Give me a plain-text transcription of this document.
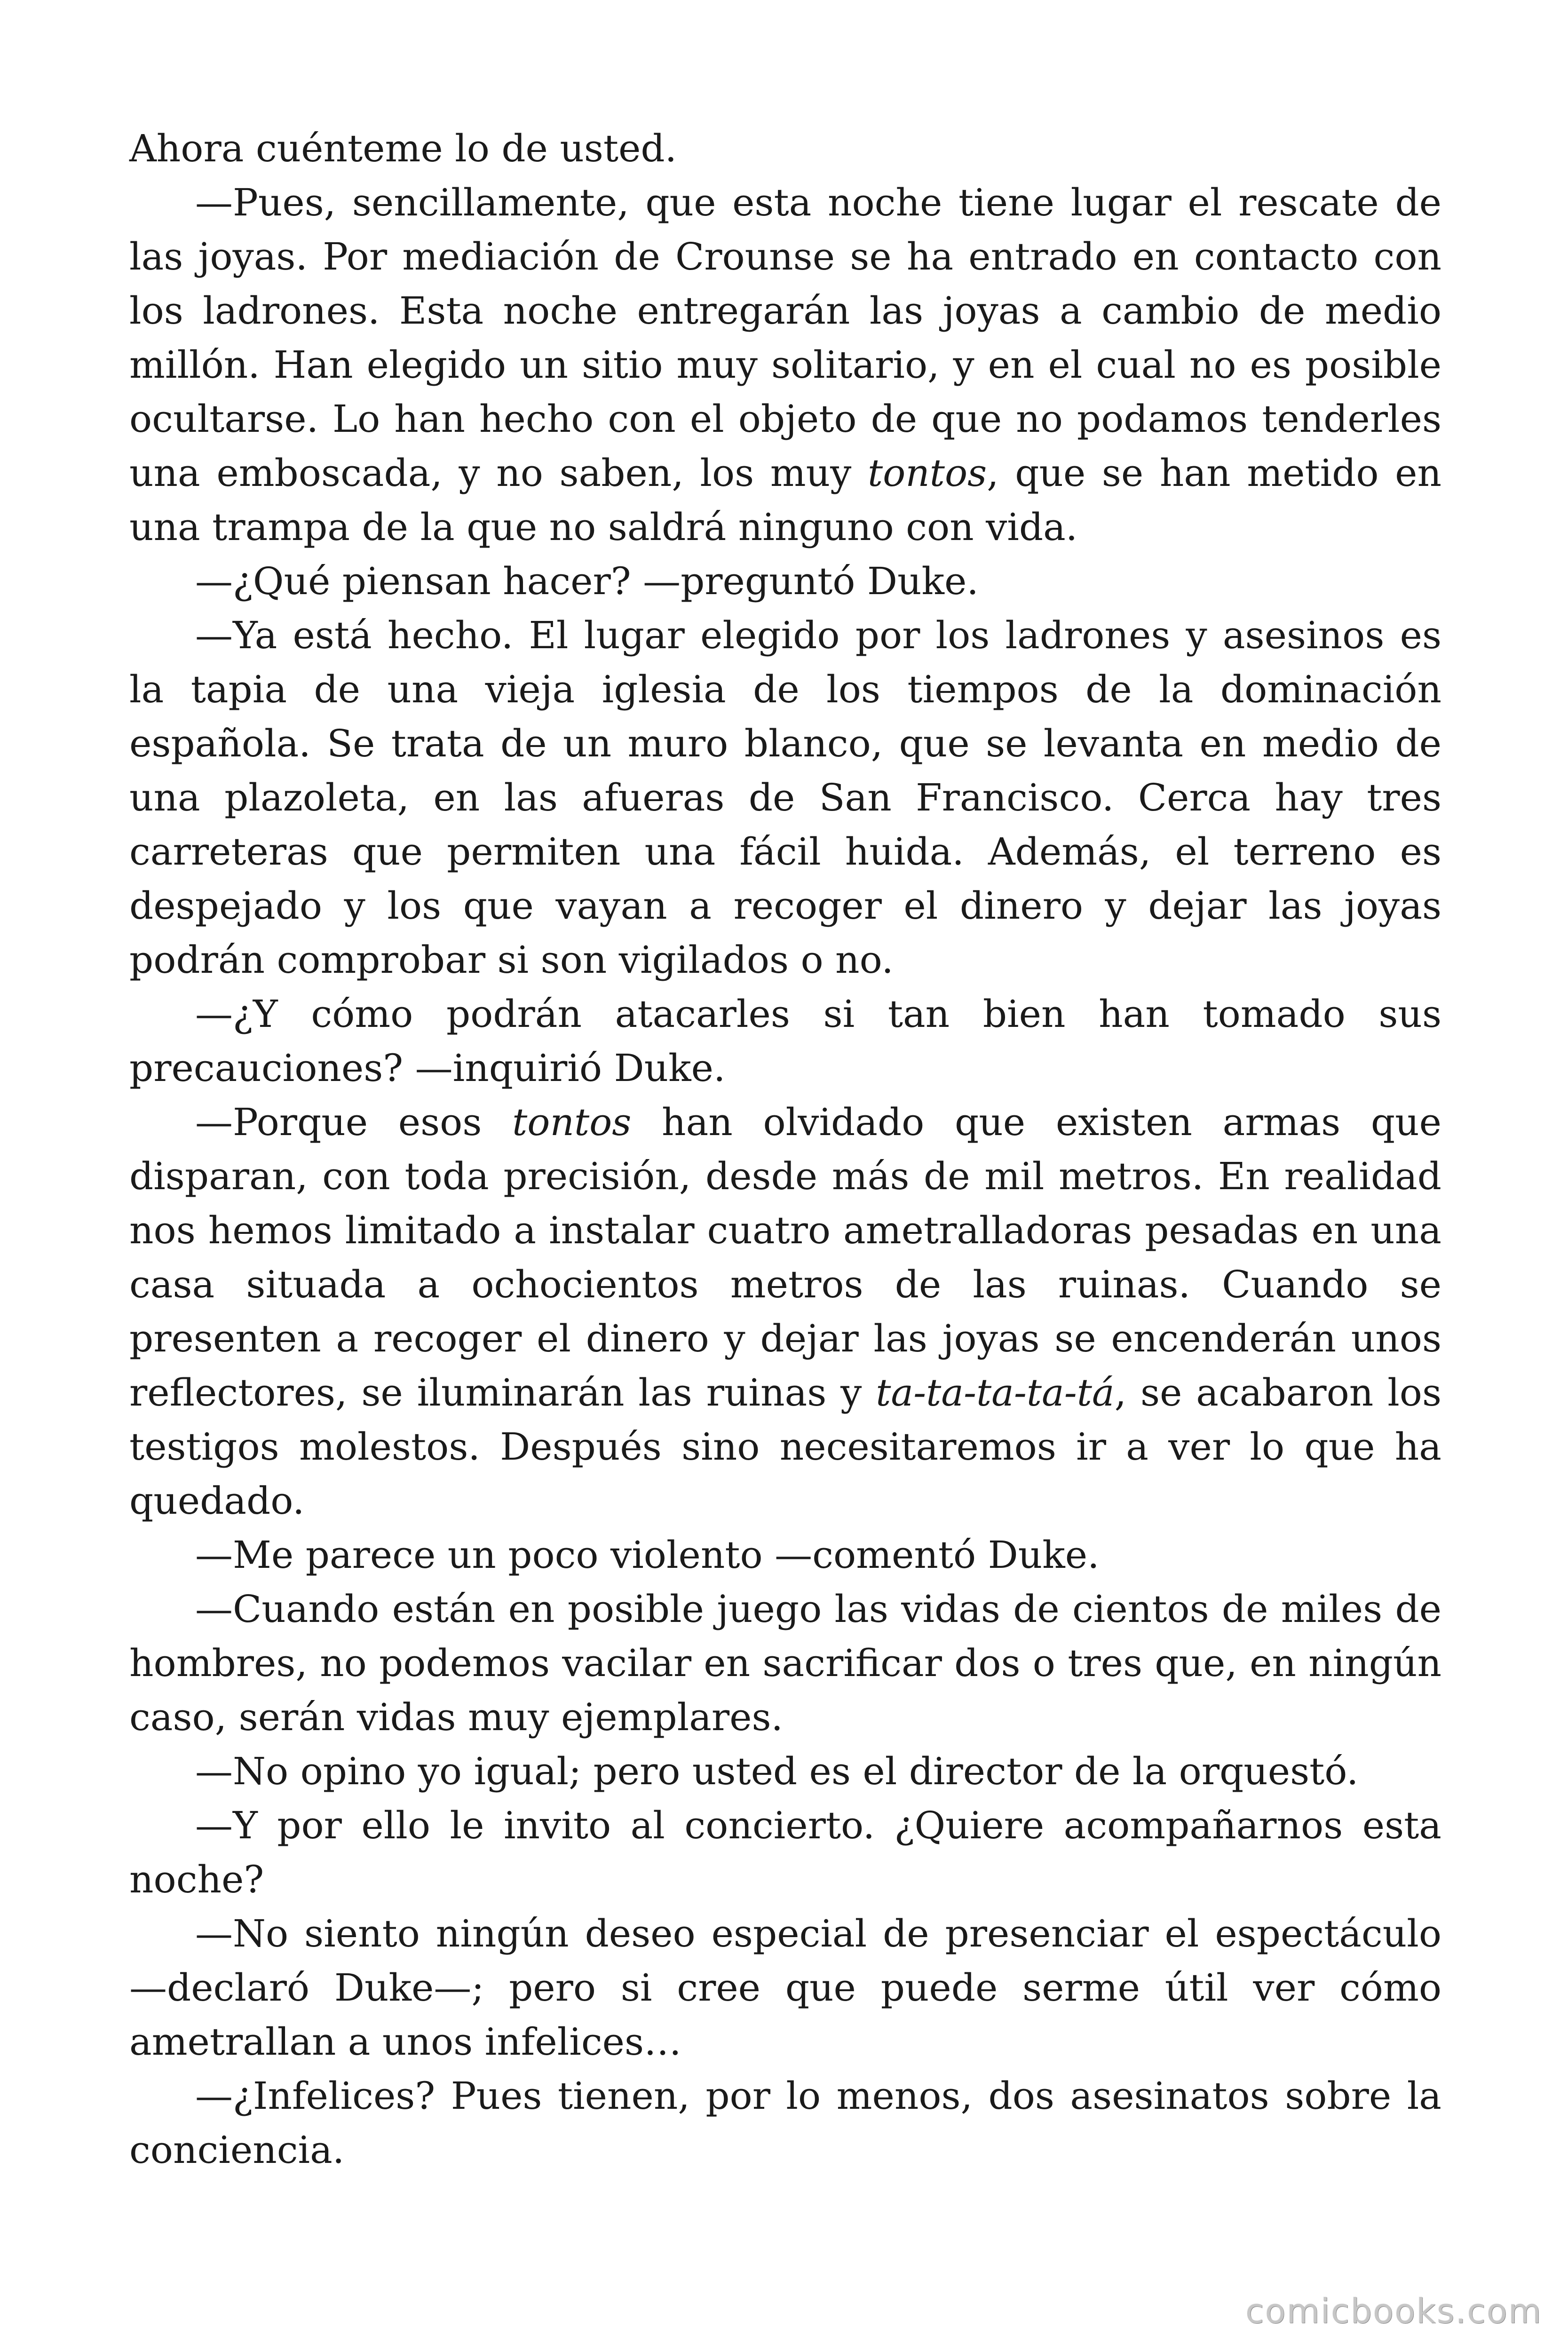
Ahora cuénteme lo de usted.

—Pues, sencillamente, que esta noche tiene lugar el rescate de las joyas. Por mediación de Crounse se ha entrado en contacto con los ladrones. Esta noche entregarán las joyas a cambio de medio millón. Han elegido un sitio muy solitario, y en el cual no es posible ocultarse. Lo han hecho con el objeto de que no podamos tenderles una emboscada, y no saben, los muy tontos, que se han metido en una trampa de la que no saldrá ninguno con vida.

—¿Qué piensan hacer? —preguntó Duke.

—Ya está hecho. El lugar elegido por los ladrones y asesinos es la tapia de una vieja iglesia de los tiempos de la dominación española. Se trata de un muro blanco, que se levanta en medio de una plazoleta, en las afueras de San Francisco. Cerca hay tres carreteras que permiten una fácil huida. Además, el terreno es despejado y los que vayan a recoger el dinero y dejar las joyas podrán comprobar si son vigilados o no.

—¿Y cómo podrán atacarles si tan bien han tomado sus precauciones? —inquirió Duke.

—Porque esos tontos han olvidado que existen armas que disparan, con toda precisión, desde más de mil metros. En realidad nos hemos limitado a instalar cuatro ametralladoras pesadas en una casa situada a ochocientos metros de las ruinas. Cuando se presenten a recoger el dinero y dejar las joyas se encenderán unos reflectores, se iluminarán las ruinas y ta-ta-ta-ta-tá, se acabaron los testigos molestos. Después sino necesitaremos ir a ver lo que ha quedado.

—Me parece un poco violento —comentó Duke.

—Cuando están en posible juego las vidas de cientos de miles de hombres, no podemos vacilar en sacrificar dos o tres que, en ningún caso, serán vidas muy ejemplares.

—No opino yo igual; pero usted es el director de la orquestó.

—Y por ello le invito al concierto. ¿Quiere acompañarnos esta noche?

—No siento ningún deseo especial de presenciar el espectáculo —declaró Duke—; pero si cree que puede serme útil ver cómo ametrallan a unos infelices…

—¿Infelices? Pues tienen, por lo menos, dos asesinatos sobre la conciencia.

comicbooks.com
